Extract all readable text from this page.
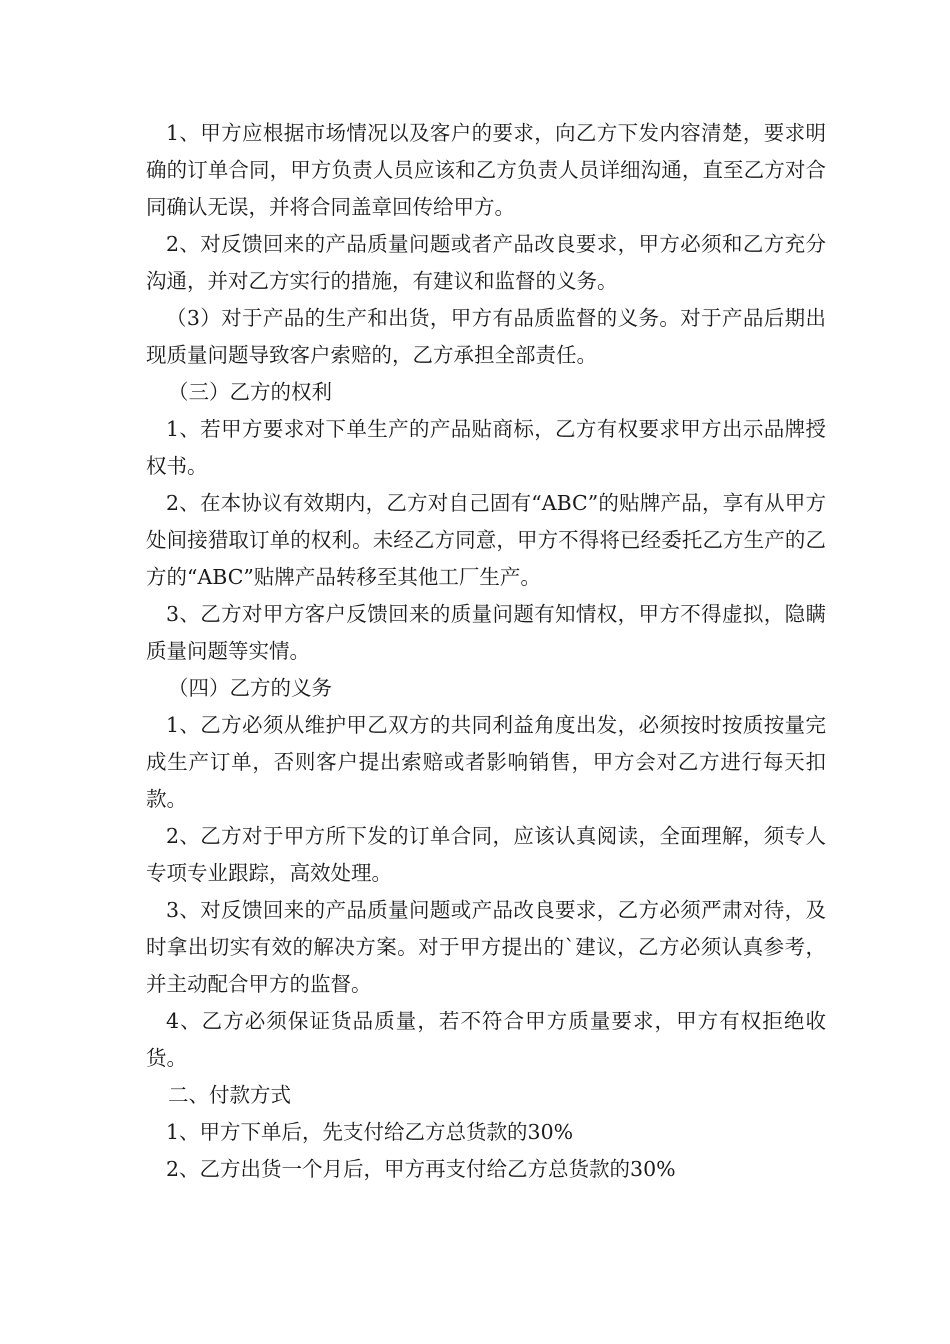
1、甲方应根据市场情况以及客户的要求，向乙方下发内容清楚，要求明确的订单合同，甲方负责人员应该和乙方负责人员详细沟通，直至乙方对合同确认无误，并将合同盖章回传给甲方。

2、对反馈回来的产品质量问题或者产品改良要求，甲方必须和乙方充分沟通，并对乙方实行的措施，有建议和监督的义务。

（3）对于产品的生产和出货，甲方有品质监督的义务。对于产品后期出现质量问题导致客户索赔的，乙方承担全部责任。

（三）乙方的权利

1、若甲方要求对下单生产的产品贴商标，乙方有权要求甲方出示品牌授权书。

2、在本协议有效期内，乙方对自己固有“ABC”的贴牌产品，享有从甲方处间接猎取订单的权利。未经乙方同意，甲方不得将已经委托乙方生产的乙方的“ABC”贴牌产品转移至其他工厂生产。

3、乙方对甲方客户反馈回来的质量问题有知情权，甲方不得虚拟，隐瞒质量问题等实情。

（四）乙方的义务

1、乙方必须从维护甲乙双方的共同利益角度出发，必须按时按质按量完成生产订单，否则客户提出索赔或者影响销售，甲方会对乙方进行每天扣款。

2、乙方对于甲方所下发的订单合同，应该认真阅读，全面理解，须专人专项专业跟踪，高效处理。

3、对反馈回来的产品质量问题或产品改良要求，乙方必须严肃对待，及时拿出切实有效的解决方案。对于甲方提出的`建议，乙方必须认真参考，并主动配合甲方的监督。

4、乙方必须保证货品质量，若不符合甲方质量要求，甲方有权拒绝收货。

二、付款方式

1、甲方下单后，先支付给乙方总货款的30%

2、乙方出货一个月后，甲方再支付给乙方总货款的30%
